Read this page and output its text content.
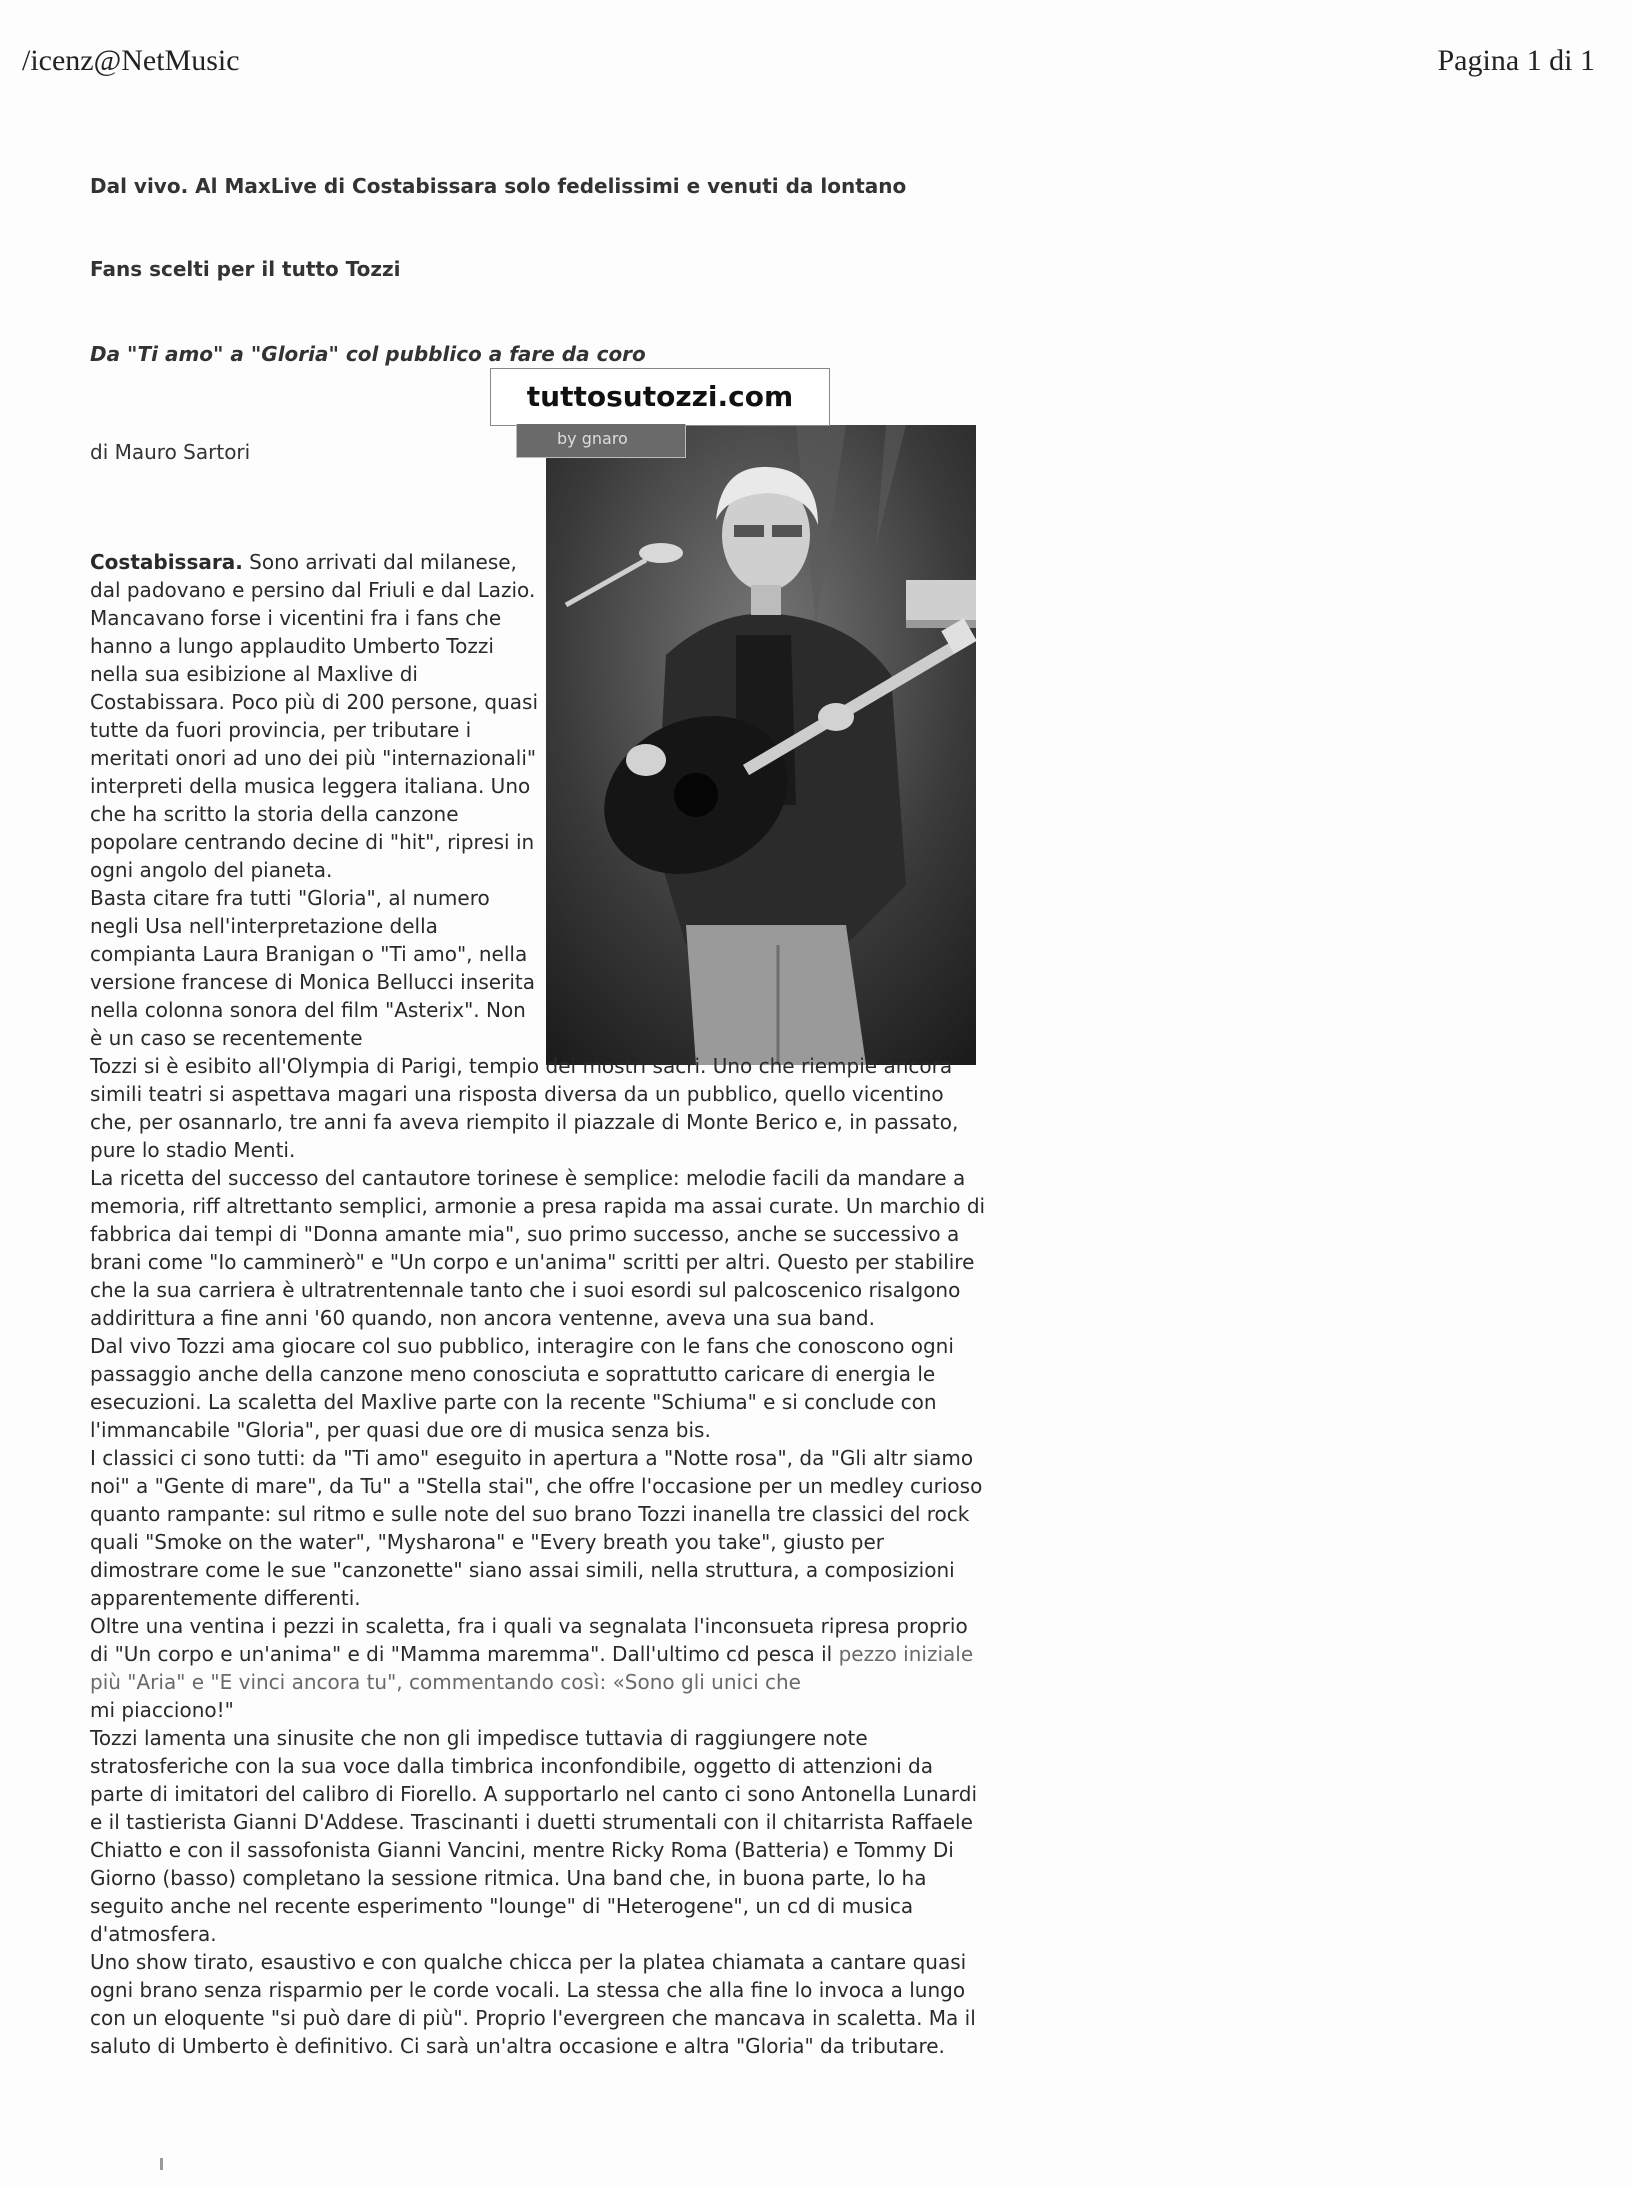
/icenz@NetMusic	Pagina 1 di 1
Dal vivo. Al MaxLive di Costabissara solo fedelissimi e venuti da lontano
Fans scelti per il tutto Tozzi
Da "Ti amo" a "Gloria" col pubblico a fare da coro
di Mauro Sartori
tuttosutozzi.com
by gnaro

Costabissara. Sono arrivati dal milanese, dal padovano e persino dal Friuli e dal Lazio. Mancavano forse i vicentini fra i fans che hanno a lungo applaudito Umberto Tozzi nella sua esibizione al Maxlive di Costabissara. Poco più di 200 persone, quasi tutte da fuori provincia, per tributare i meritati onori ad uno dei più "internazionali" interpreti della musica leggera italiana. Uno che ha scritto la storia della canzone popolare centrando decine di "hit", ripresi in ogni angolo del pianeta.

Basta citare fra tutti "Gloria", al numero negli Usa nell'interpretazione della compianta Laura Branigan o "Ti amo", nella versione francese di Monica Bellucci inserita nella colonna sonora del film "Asterix". Non è un caso se recentemente

Tozzi si è esibito all'Olympia di Parigi, tempio dei mostri sacri. Uno che riempie ancora simili teatri si aspettava magari una risposta diversa da un pubblico, quello vicentino che, per osannarlo, tre anni fa aveva riempito il piazzale di Monte Berico e, in passato, pure lo stadio Menti.

La ricetta del successo del cantautore torinese è semplice: melodie facili da mandare a memoria, riff altrettanto semplici, armonie a presa rapida ma assai curate. Un marchio di fabbrica dai tempi di "Donna amante mia", suo primo successo, anche se successivo a brani come "Io camminerò" e "Un corpo e un'anima" scritti per altri. Questo per stabilire che la sua carriera è ultratrentennale tanto che i suoi esordi sul palcoscenico risalgono addirittura a fine anni '60 quando, non ancora ventenne, aveva una sua band.

Dal vivo Tozzi ama giocare col suo pubblico, interagire con le fans che conoscono ogni passaggio anche della canzone meno conosciuta e soprattutto caricare di energia le esecuzioni. La scaletta del Maxlive parte con la recente "Schiuma" e si conclude con l'immancabile "Gloria", per quasi due ore di musica senza bis.

I classici ci sono tutti: da "Ti amo" eseguito in apertura a "Notte rosa", da "Gli altr siamo noi" a "Gente di mare", da Tu" a "Stella stai", che offre l'occasione per un medley curioso quanto rampante: sul ritmo e sulle note del suo brano Tozzi inanella tre classici del rock quali "Smoke on the water", "Mysharona" e "Every breath you take", giusto per dimostrare come le sue "canzonette" siano assai simili, nella struttura, a composizioni apparentemente differenti.

Oltre una ventina i pezzi in scaletta, fra i quali va segnalata l'inconsueta ripresa proprio di "Un corpo e un'anima" e di "Mamma maremma". Dall'ultimo cd pesca il pezzo iniziale più "Aria" e "E vinci ancora tu", commentando così: «Sono gli unici che
mi piacciono!"

Tozzi lamenta una sinusite che non gli impedisce tuttavia di raggiungere note stratosferiche con la sua voce dalla timbrica inconfondibile, oggetto di attenzioni da parte di imitatori del calibro di Fiorello. A supportarlo nel canto ci sono Antonella Lunardi e il tastierista Gianni D'Addese. Trascinanti i duetti strumentali con il chitarrista Raffaele Chiatto e con il sassofonista Gianni Vancini, mentre Ricky Roma (Batteria) e Tommy Di Giorno (basso) completano la sessione ritmica. Una band che, in buona parte, lo ha seguito anche nel recente esperimento "lounge" di "Heterogene", un cd di musica d'atmosfera.

Uno show tirato, esaustivo e con qualche chicca per la platea chiamata a cantare quasi ogni brano senza risparmio per le corde vocali. La stessa che alla fine lo invoca a lungo con un eloquente "si può dare di più". Proprio l'evergreen che mancava in scaletta. Ma il saluto di Umberto è definitivo. Ci sarà un'altra occasione e altra "Gloria" da tributare.
